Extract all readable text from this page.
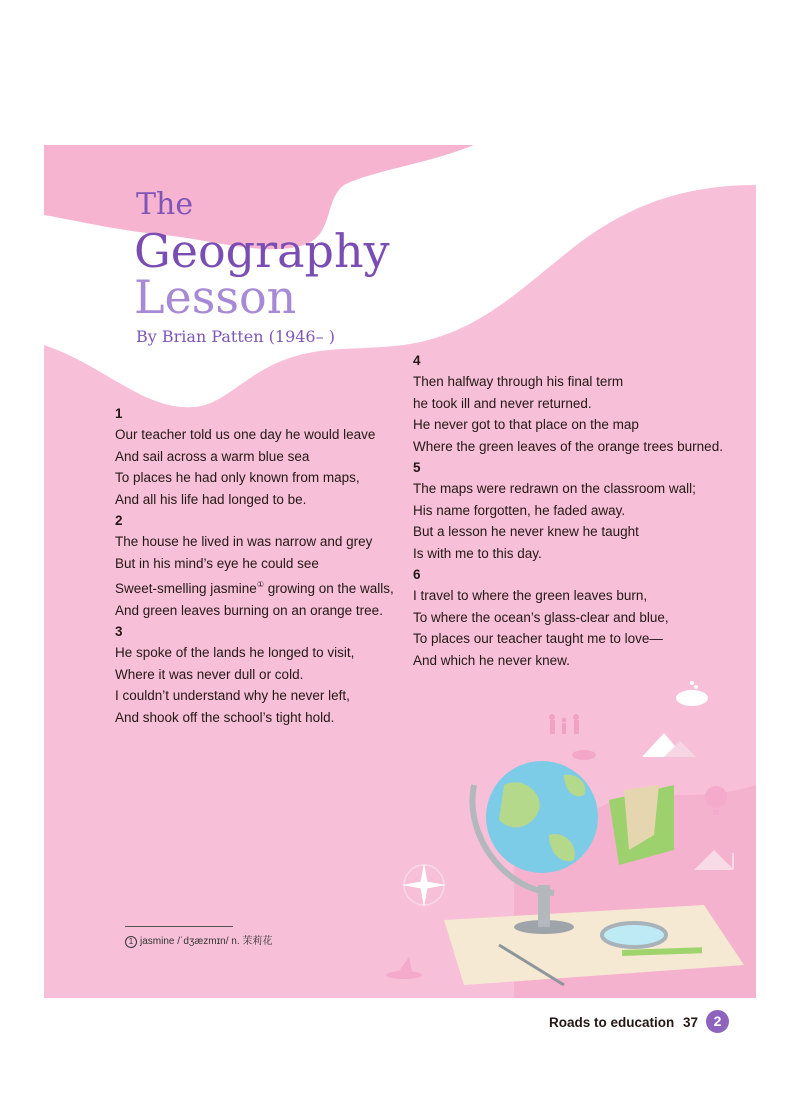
The
Geography
Lesson
By Brian Patten (1946– )
1
Our teacher told us one day he would leave
And sail across a warm blue sea
To places he had only known from maps,
And all his life had longed to be.
2
The house he lived in was narrow and grey
But in his mind’s eye he could see
Sweet-smelling jasmine① growing on the walls,
And green leaves burning on an orange tree.
3
He spoke of the lands he longed to visit,
Where it was never dull or cold.
I couldn’t understand why he never left,
And shook off the school’s tight hold.
4
Then halfway through his final term
he took ill and never returned.
He never got to that place on the map
Where the green leaves of the orange trees burned.
5
The maps were redrawn on the classroom wall;
His name forgotten, he faded away.
But a lesson he never knew he taught
Is with me to this day.
6
I travel to where the green leaves burn,
To where the ocean’s glass-clear and blue,
To places our teacher taught me to love—
And which he never knew.
1 jasmine /ˈdʒæzmɪn/ n. 茉莉花
Roads to education 37	2
